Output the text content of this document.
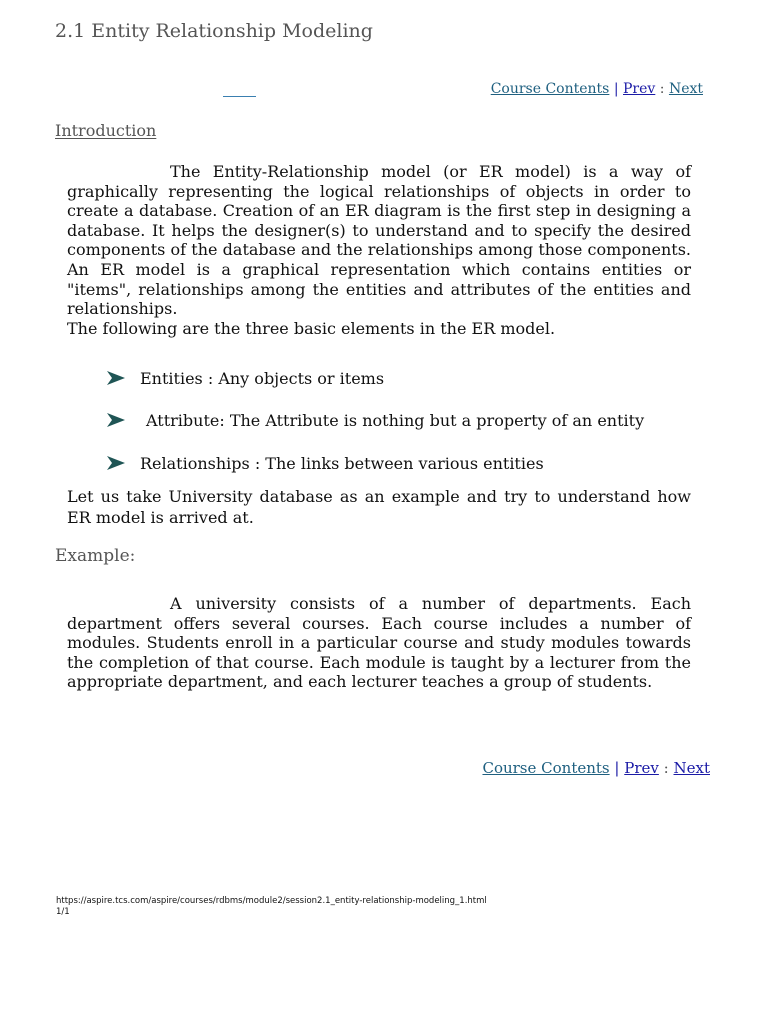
2.1 Entity Relationship Modeling
Course Contents | Prev : Next
Introduction

The Entity-Relationship model (or ER model) is a way of graphically representing the logical relationships of objects in order to create a database. Creation of an ER diagram is the first step in designing a database. It helps the designer(s) to understand and to specify the desired components of the database and the relationships among those components. An ER model is a graphical representation which contains entities or "items", relationships among the entities and attributes of the entities and relationships.

The following are the three basic elements in the ER model.

Entities : Any objects or items
Attribute: The Attribute is nothing but a property of an entity
Relationships : The links between various entities

Let us take University database as an example and try to understand how ER model is arrived at.

Example:

A university consists of a number of departments. Each department offers several courses. Each course includes a number of modules. Students enroll in a particular course and study modules towards the completion of that course. Each module is taught by a lecturer from the appropriate department, and each lecturer teaches a group of students.

Course Contents | Prev : Next
https://aspire.tcs.com/aspire/courses/rdbms/module2/session2.1_entity-relationship-modeling_1.html
1/1
